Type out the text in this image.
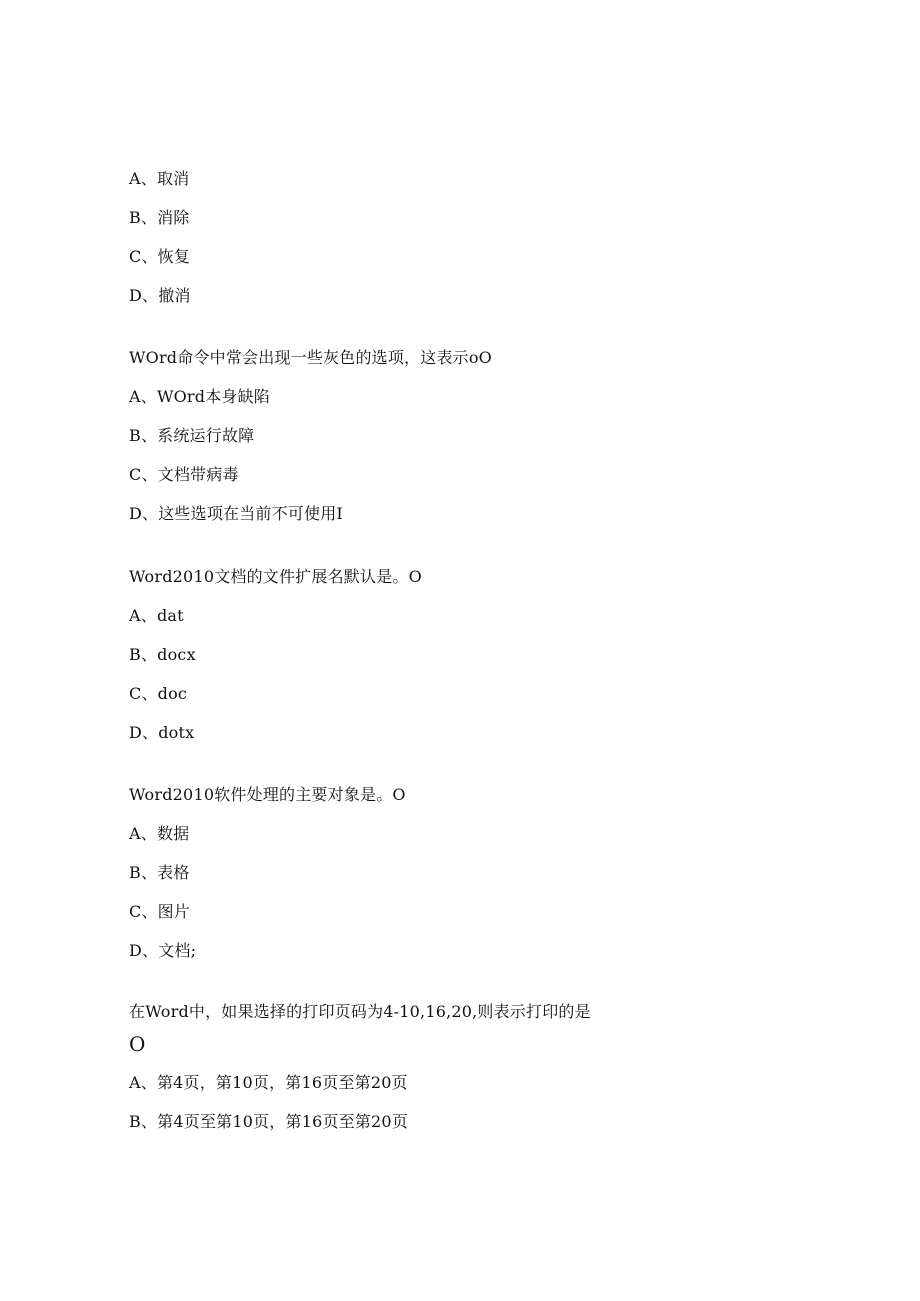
A、取消
B、消除
C、恢复
D、撤消
WOrd命令中常会出现一些灰色的选项，这表示oO
A、WOrd本身缺陷
B、系统运行故障
C、文档带病毒
D、这些选项在当前不可使用I
Word2010文档的文件扩展名默认是。O
A、dat
B、docx
C、doc
D、dotx
Word2010软件处理的主要对象是。O
A、数据
B、表格
C、图片
D、文档;
在Word中，如果选择的打印页码为4-10,16,20,则表示打印的是
O
A、第4页，第10页，第16页至第20页
B、第4页至第10页，第16页至第20页
